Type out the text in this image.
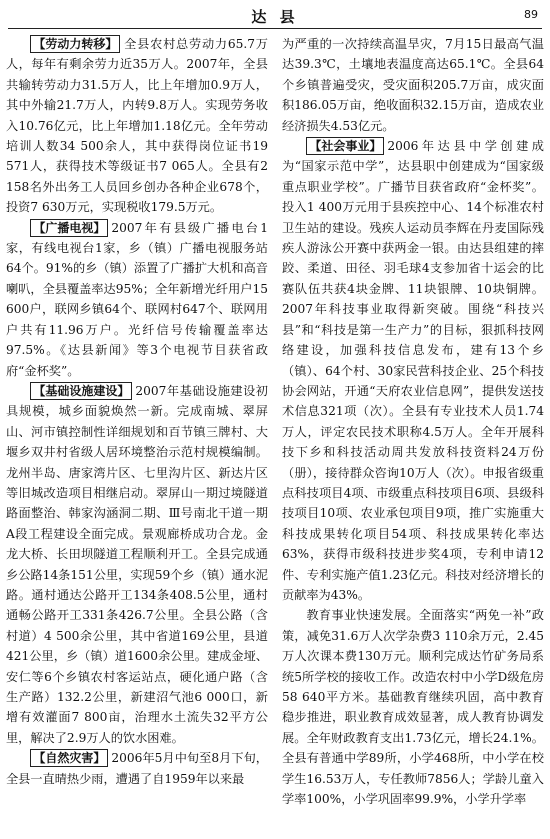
达 县	89

【劳动力转移】 全县农村总劳动力65.7万人，每年有剩余劳力近35万人。2007年，全县共输转劳动力31.5万人，比上年增加0.9万人，其中外输21.7万人，内转9.8万人。实现劳务收入10.76亿元，比上年增加1.18亿元。全年劳动培训人数34 500余人，其中获得岗位证书19 571人，获得技术等级证书7 065人。全县有2 158名外出务工人员回乡创办各种企业678个，投资7 630万元，实现税收179.5万元。

【广播电视】 2007年有县级广播电台1家，有线电视台1家，乡（镇）广播电视服务站64个。91%的乡（镇）添置了广播扩大机和高音喇叭，全县覆盖率达95%；全年新增光纤用户15 600户，联网乡镇64个、联网村647个、联网用户共有11.96万户。光纤信号传输覆盖率达97.5%。《达县新闻》等3个电视节目获省政府“金杯奖”。

【基础设施建设】 2007年基础设施建设初具规模，城乡面貌焕然一新。完成南城、翠屏山、河市镇控制性详细规划和百节镇三牌村、大堰乡双井村省级人居环境整治示范村规模编制。龙州半岛、唐家湾片区、七里沟片区、新达片区等旧城改造项目相继启动。翠屏山一期过境隧道路面整治、韩家沟涵洞二期、Ⅲ号南北干道一期A段工程建设全面完成。景观廊桥成功合龙。金龙大桥、长田坝隧道工程顺利开工。全县完成通乡公路14条151公里，实现59个乡（镇）通水泥路。通村通达公路开工134条408.5公里，通村通畅公路开工331条426.7公里。全县公路（含村道）4 500余公里，其中省道169公里，县道421公里，乡（镇）道1600余公里。建成金垭、安仁等6个乡镇农村客运站点，硬化通户路（含生产路）132.2公里，新建沼气池6 000口，新增有效灌面7 800亩，治理水土流失32平方公里，解决了2.9万人的饮水困难。

【自然灾害】 2006年5月中旬至8月下旬，全县一直晴热少雨，遭遇了自1959年以来最

为严重的一次持续高温旱灾，7月15日最高气温达39.3℃，土壤地表温度高达65.1℃。全县64个乡镇普遍受灾，受灾面积205.7万亩，成灾面积186.05万亩，绝收面积32.15万亩，造成农业经济损失4.53亿元。

【社会事业】 2006年达县中学创建成为“国家示范中学”，达县职中创建成为“国家级重点职业学校”。广播节目获省政府“金杯奖”。投入1 400万元用于县疾控中心、14个标准农村卫生站的建设。残疾人运动员李辉在丹麦国际残疾人游泳公开赛中获两金一银。由达县组建的摔跤、柔道、田径、羽毛球4支参加省十运会的比赛队伍共获4块金牌、11块银牌、10块铜牌。2007年科技事业取得新突破。围绕“科技兴县”和“科技是第一生产力”的目标，狠抓科技网络建设，加强科技信息发布，建有13个乡（镇）、64个村、30家民营科技企业、25个科技协会网站，开通“天府农业信息网”，提供发送技术信息321项（次）。全县有专业技术人员1.74万人，评定农民技术职称4.5万人。全年开展科技下乡和科技活动周共发放科技资料24万份（册），接待群众咨询10万人（次）。申报省级重点科技项目4项、市级重点科技项目6项、县级科技项目10项、农业承包项目9项，推广实施重大科技成果转化项目54项、科技成果转化率达63%，获得市级科技进步奖4项，专利申请12件、专利实施产值1.23亿元。科技对经济增长的贡献率为43%。

教育事业快速发展。全面落实“两免一补”政策，减免31.6万人次学杂费3 110余万元，2.45万人次课本费130万元。顺利完成达竹矿务局系统5所学校的接收工作。改造农村中小学D级危房58 640平方米。基础教育继续巩固，高中教育稳步推进，职业教育成效显著，成人教育协调发展。全年财政教育支出1.73亿元，增长24.1%。全县有普通中学89所，小学468所，中小学在校学生16.53万人，专任教师7856人；学龄儿童入学率100%，小学巩固率99.9%，小学升学率
